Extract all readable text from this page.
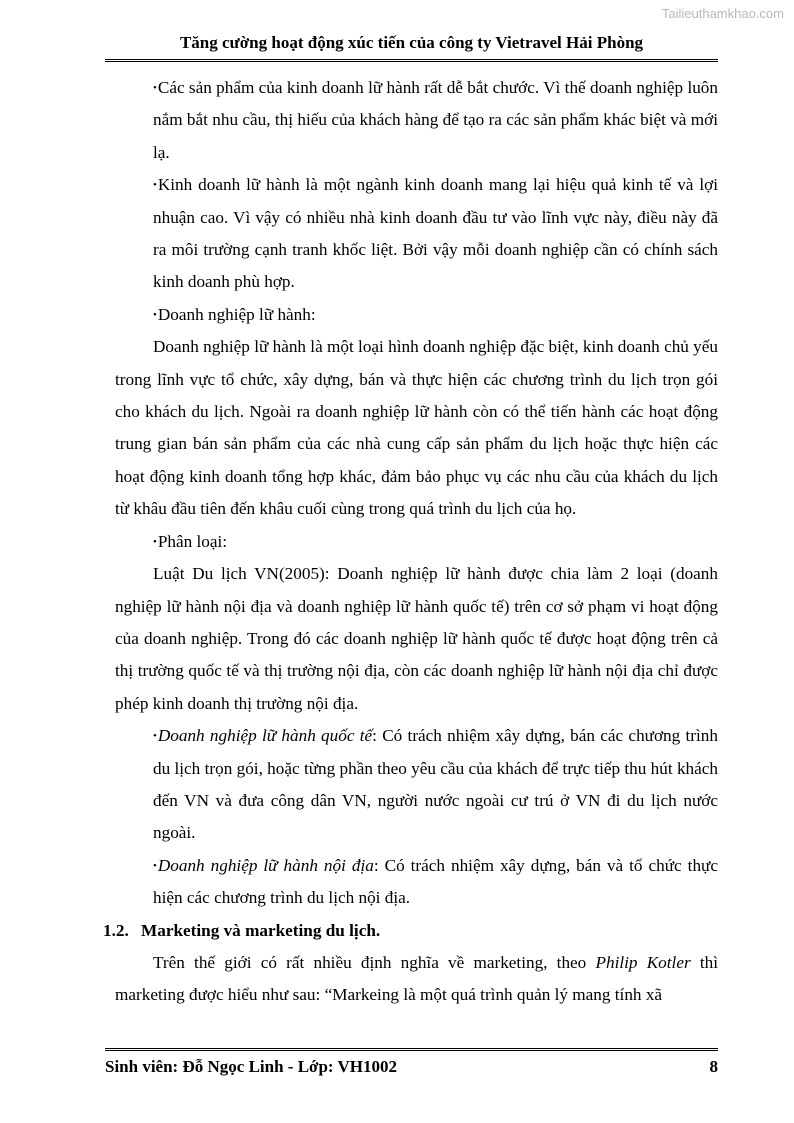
Tailieuthamkhao.com
Tăng cường hoạt động xúc tiến của công ty Vietravel Hải Phòng

•Các sản phẩm của kinh doanh lữ hành rất dễ bắt chước. Vì thế doanh nghiệp luôn nắm bắt nhu cầu, thị hiếu của khách hàng để tạo ra các sản phẩm khác biệt và mới lạ.

•Kinh doanh lữ hành là một ngành kinh doanh mang lại hiệu quả kinh tế và lợi nhuận cao. Vì vậy có nhiều nhà kinh doanh đầu tư vào lĩnh vực này, điều này đã ra môi trường cạnh tranh khốc liệt. Bởi vậy mỗi doanh nghiệp cần có chính sách kinh doanh phù hợp.

•Doanh nghiệp lữ hành:

Doanh nghiệp lữ hành là một loại hình doanh nghiệp đặc biệt, kinh doanh chủ yếu trong lĩnh vực tổ chức, xây dựng, bán và thực hiện các chương trình du lịch trọn gói cho khách du lịch. Ngoài ra doanh nghiệp lữ hành còn có thể tiến hành các hoạt động trung gian bán sản phẩm của các nhà cung cấp sản phẩm du lịch hoặc thực hiện các hoạt động kinh doanh tổng hợp khác, đảm bảo phục vụ các nhu cầu của khách du lịch từ khâu đầu tiên đến khâu cuối cùng trong quá trình du lịch của họ.

•Phân loại:

Luật Du lịch VN(2005): Doanh nghiệp lữ hành được chia làm 2 loại (doanh nghiệp lữ hành nội địa và doanh nghiệp lữ hành quốc tế) trên cơ sở phạm vi hoạt động của doanh nghiệp. Trong đó các doanh nghiệp lữ hành quốc tế được hoạt động trên cả thị trường quốc tế và thị trường nội địa, còn các doanh nghiệp lữ hành nội địa chỉ được phép kinh doanh thị trường nội địa.

•Doanh nghiệp lữ hành quốc tế: Có trách nhiệm xây dựng, bán các chương trình du lịch trọn gói, hoặc từng phần theo yêu cầu của khách để trực tiếp thu hút khách đến VN và đưa công dân VN, người nước ngoài cư trú ở VN đi du lịch nước ngoài.

•Doanh nghiệp lữ hành nội địa: Có trách nhiệm xây dựng, bán và tổ chức thực hiện các chương trình du lịch nội địa.

1.2. Marketing và marketing du lịch.

Trên thế giới có rất nhiều định nghĩa về marketing, theo Philip Kotler thì marketing được hiểu như sau: “Markeing là một quá trình quản lý mang tính xã

Sinh viên: Đỗ Ngọc Linh - Lớp: VH1002	8
